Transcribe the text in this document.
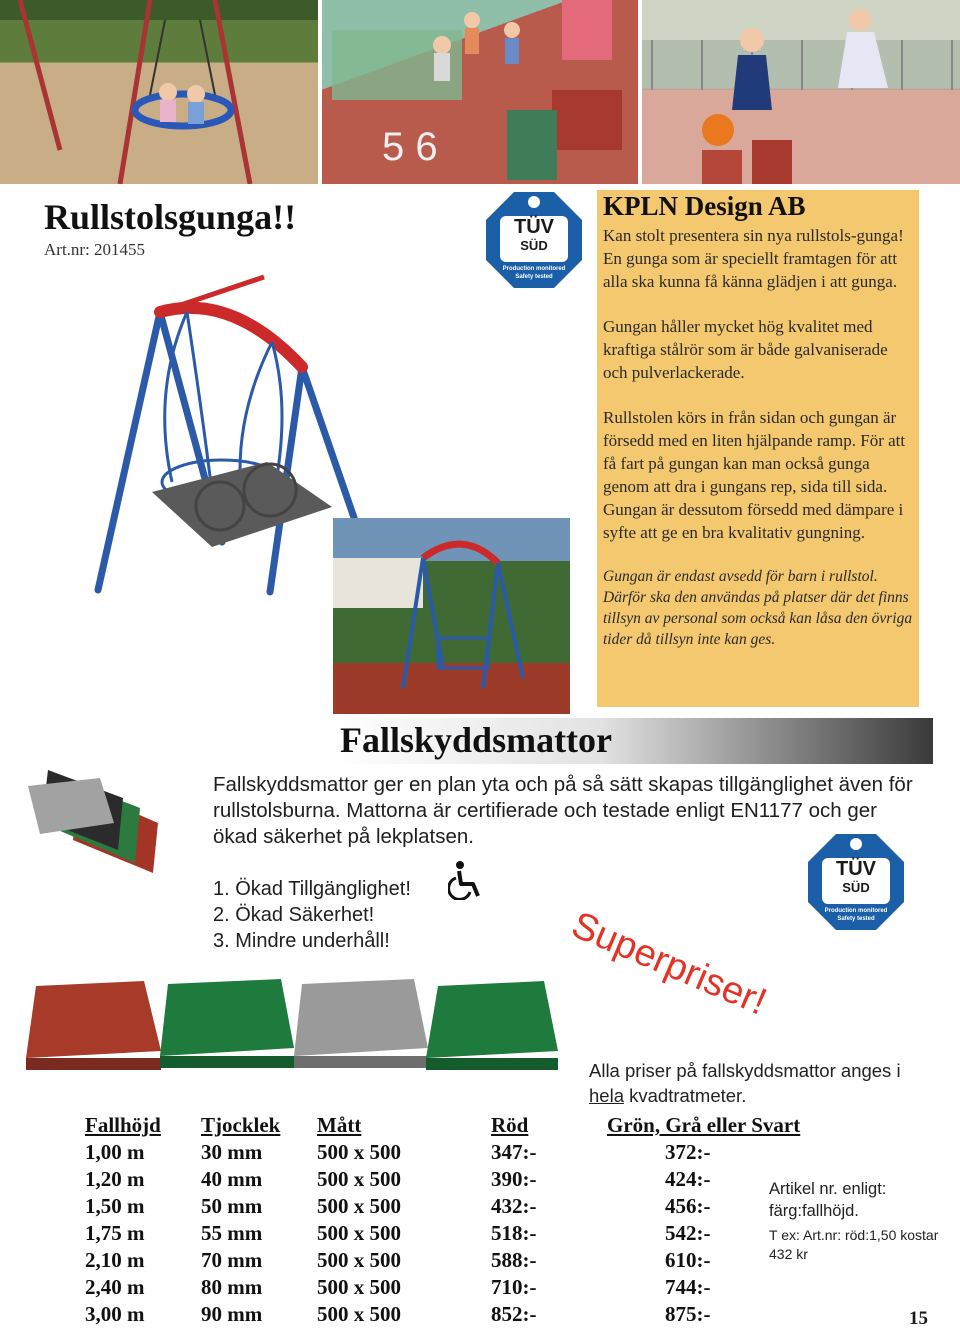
5 6
Rullstolsgunga!!
Art.nr: 201455
TÜV
SÜD
Production monitored
Safety tested
KPLN Design AB

Kan stolt presentera sin nya rullstols-gunga! En gunga som är speciellt framtagen för att alla ska kunna få känna glädjen i att gunga.

Gungan håller mycket hög kvalitet med kraftiga stålrör som är både galvaniserade och pulverlackerade.

Rullstolen körs in från sidan och gungan är försedd med en liten hjälpande ramp. För att få fart på gungan kan man också gunga genom att dra i gungans rep, sida till sida. Gungan är dessutom försedd med dämpare i syfte att ge en bra kvalitativ gungning.

Gungan är endast avsedd för barn i rullstol. Därför ska den användas på platser där det finns tillsyn av personal som också kan låsa den övriga tider då tillsyn inte kan ges.

Fallskyddsmattor
Fallskyddsmattor ger en plan yta och på så sätt skapas tillgänglighet även för rullstolsburna. Mattorna är certifierade och testade enligt EN1177 och ger ökad säkerhet på lekplatsen.
1. Ökad Tillgänglighet!
2. Ökad Säkerhet!
3. Mindre underhåll!	Superpriser!
TÜV
SÜD
Production monitored
Safety tested
Alla priser på fallskyddsmattor anges i hela kvadtratmeter.
Fallhöjd	Tjocklek	Mått	Röd	Grön, Grå eller Svart
1,00 m	30 mm	500 x 500	347:-	372:-
1,20 m	40 mm	500 x 500	390:-	424:-
1,50 m	50 mm	500 x 500	432:-	456:-
1,75 m	55 mm	500 x 500	518:-	542:-
2,10 m	70 mm	500 x 500	588:-	610:-
2,40 m	80 mm	500 x 500	710:-	744:-
3,00 m	90 mm	500 x 500	852:-	875:-
Artikel nr. enligt: färg:fallhöjd.
T ex: Art.nr: röd:1,50 kostar 432 kr
15
